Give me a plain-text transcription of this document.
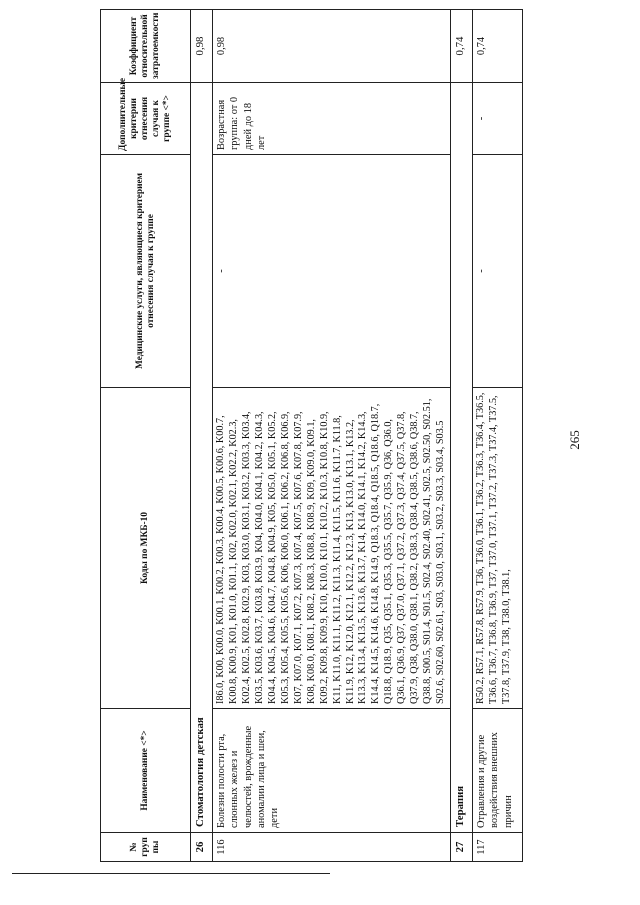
265
№ груп пы	Наименование <*>	Коды по МКБ-10	Медицинские услуги, являющиеся критерием отнесения случая к группе	Дополнительные критерии отнесения случая к группе <*>	Коэффициент относительной затратоемкости
26	Стоматология детская				0,98
116	Болезни полости рта, слюнных желез и челюстей, врожденные аномалии лица и шеи, дети	I86.0, K00, K00.0, K00.1, K00.2, K00.3, K00.4, K00.5, K00.6, K00.7, K00.8, K00.9, K01, K01.0, K01.1, K02, K02.0, K02.1, K02.2, K02.3, K02.4, K02.5, K02.8, K02.9, K03, K03.0, K03.1, K03.2, K03.3, K03.4, K03.5, K03.6, K03.7, K03.8, K03.9, K04, K04.0, K04.1, K04.2, K04.3, K04.4, K04.5, K04.6, K04.7, K04.8, K04.9, K05, K05.0, K05.1, K05.2, K05.3, K05.4, K05.5, K05.6, K06, K06.0, K06.1, K06.2, K06.8, K06.9, K07, K07.0, K07.1, K07.2, K07.3, K07.4, K07.5, K07.6, K07.8, K07.9, K08, K08.0, K08.1, K08.2, K08.3, K08.8, K08.9, K09, K09.0, K09.1, K09.2, K09.8, K09.9, K10, K10.0, K10.1, K10.2, K10.3, K10.8, K10.9, K11, K11.0, K11.1, K11.2, K11.3, K11.4, K11.5, K11.6, K11.7, K11.8, K11.9, K12, K12.0, K12.1, K12.2, K12.3, K13, K13.0, K13.1, K13.2, K13.3, K13.4, K13.5, K13.6, K13.7, K14, K14.0, K14.1, K14.2, K14.3, K14.4, K14.5, K14.6, K14.8, K14.9, Q18.3, Q18.4, Q18.5, Q18.6, Q18.7, Q18.8, Q18.9, Q35, Q35.1, Q35.3, Q35.5, Q35.7, Q35.9, Q36, Q36.0, Q36.1, Q36.9, Q37, Q37.0, Q37.1, Q37.2, Q37.3, Q37.4, Q37.5, Q37.8, Q37.9, Q38, Q38.0, Q38.1, Q38.2, Q38.3, Q38.4, Q38.5, Q38.6, Q38.7, Q38.8, S00.5, S01.4, S01.5, S02.4, S02.40, S02.41, S02.5, S02.50, S02.51, S02.6, S02.60, S02.61, S03, S03.0, S03.1, S03.2, S03.3, S03.4, S03.5	-	Возрастная группа: от 0 дней до 18 лет	0,98
27	Терапия				0,74
117	Отравления и другие воздействия внешних причин	R50.2, R57.1, R57.8, R57.9, T36, T36.0, T36.1, T36.2, T36.3, T36.4, T36.5, T36.6, T36.7, T36.8, T36.9, T37, T37.0, T37.1, T37.2, T37.3, T37.4, T37.5, T37.8, T37.9, T38, T38.0, T38.1,	-	-	0,74
